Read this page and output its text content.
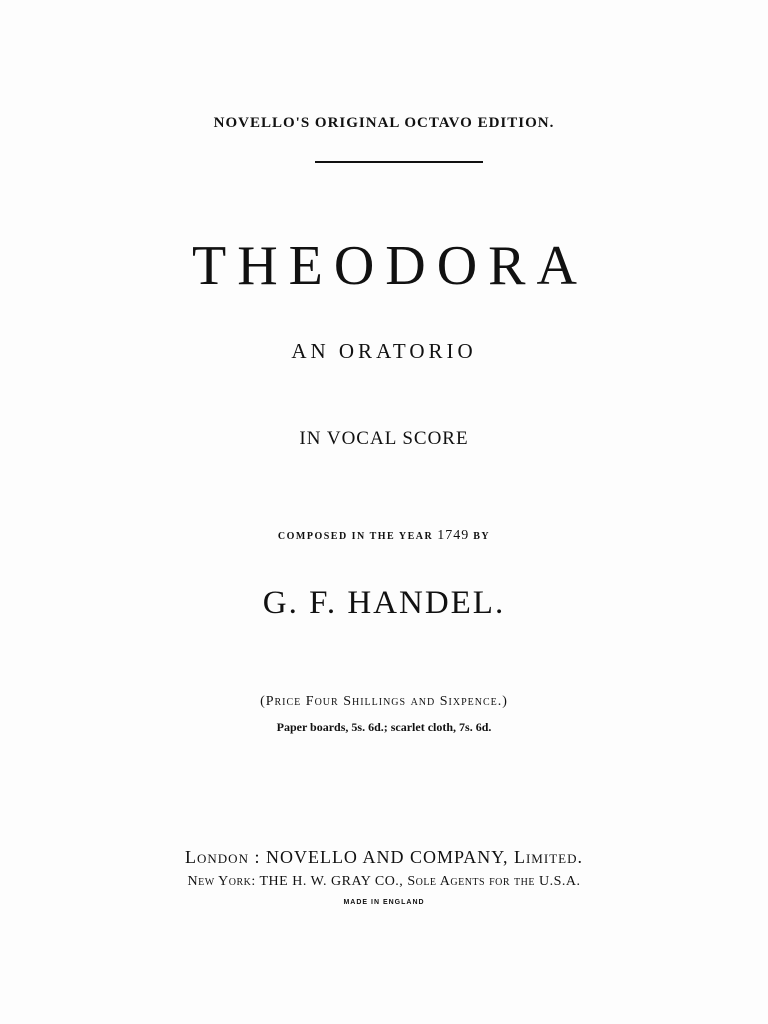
NOVELLO'S ORIGINAL OCTAVO EDITION.
THEODORA
AN ORATORIO
IN VOCAL SCORE
COMPOSED IN THE YEAR 1749 BY
G. F. HANDEL.
(Price Four Shillings and Sixpence.)
Paper boards, 5s. 6d.; scarlet cloth, 7s. 6d.
London : NOVELLO AND COMPANY, Limited.
New York: THE H. W. GRAY CO., Sole Agents for the U.S.A.
MADE IN ENGLAND
